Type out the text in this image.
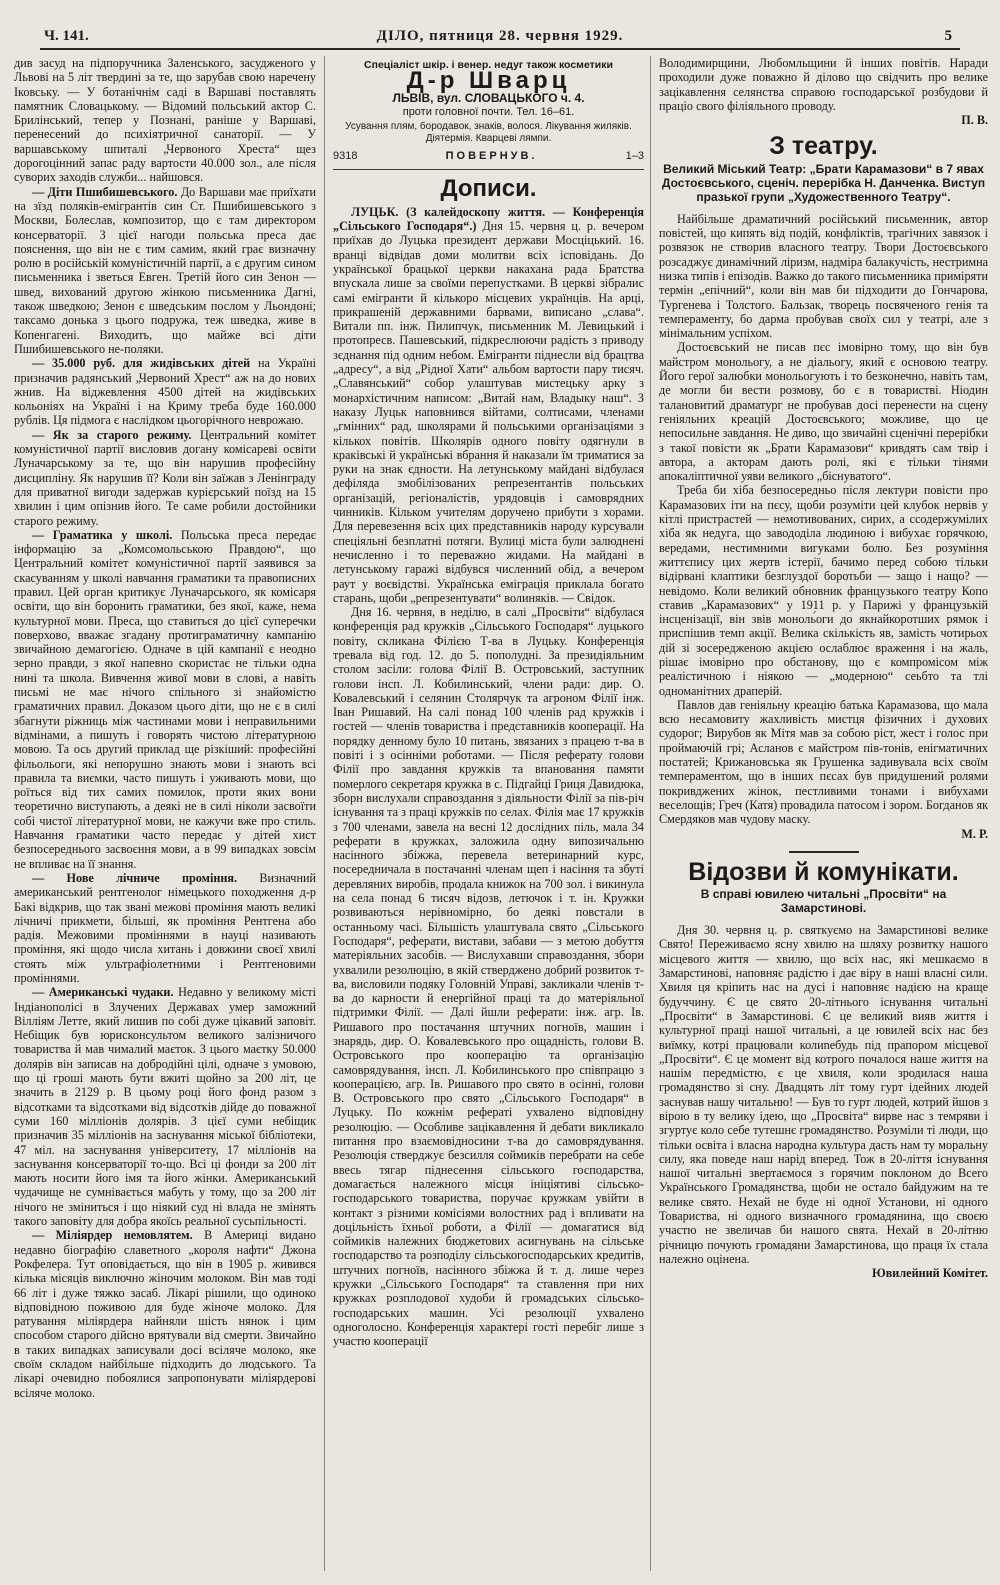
Ч. 141.	ДІЛО, пятниця 28. червня 1929.	5

див засуд на підпоручника Заленського, засудженого у Львові на 5 літ твердині за те, що зарубав свою наречену Іковську. — У ботанічнім саді в Варшаві поставлять памятник Словацькому. — Відомий польський актор С. Брилінський, тепер у Познані, раніше у Варшаві, перенесений до психіятричної санаторії. — У варшавському шпиталі „Червоного Хреста“ щез дорогоцінний запас раду вартости 40.000 зол., але після сувоpих заходів служби... найшовся.

— Діти Пшибишевського. До Варшави має приїхати на зїзд поляків-емігрантів син Ст. Пшибишевського з Москви, Болеслав, композитор, що є там директором консерваторії. З цієї нагоди польська преса дає пояснення, що він не є тим самим, який грає визначну ролю в російській комуністичній партії, а є другим сином письменника і зветься Евген. Третій його син Зенон — швед, вихований другою жінкою письменника Дагні, також шведкою; Зенон є шведським послом у Льондоні; таксамо донька з цього подружа, теж шведка, живе в Копенгагені. Виходить, що майже всі діти Пшибишевського не-поляки.

— 35.000 руб. для жидівських дітей на Україні призначив радянський „Червоний Хрест“ аж на до нових жнив. На віджевлення 4500 дітей на жидівських кольоніях на Україні і на Криму треба буде 160.000 рублів. Ця підмога є наслідком цьогорічного неврожаю.

— Як за старого режиму. Центральний комітет комуністичної партії висловив догану комісареві освіти Луначарському за те, що він нарушив професійну дисципліну. Як нарушив її? Коли він заїжав з Ленінграду для приватної вигоди задержав курієрський поїзд на 15 хвилин і цим опізнив його. Те саме робили достойники старого режиму.

— Граматика у школі. Польська преса передає інформацію за „Комсомольською Правдою“, що Центральний комітет комуністичної партії заявився за скасуванням у школі навчання граматики та правописних правил. Цей орган критикує Луначарського, як комісаря освіти, що він боронить граматики, без якої, каже, нема культурної мови. Преса, що ставиться до цієї суперечки поверхово, вважає згадану протиграматичну кампанію звичайною демагогією. Одначе в цій кампанії є неодно зерно правди, з якої напевно скористає не тільки одна нині та школа. Вивчення живої мови в слові, а навіть письмі не має нічого спільного зі знайомістю граматичних правил. Доказом цього діти, що не є в силі збагнути ріжниць між частинами мови і неправильними відмінами, а пишуть і говорять чистою літературною мовою. Та ось другий приклад ще різкіший: професійні фільольоги, які непорушно знають мови і знають всі правила та виємки, часто пишуть і уживають мови, що роїться від тих самих помилок, проти яких вони теоретично виступають, а деякі не в силі ніколи засвоїти собі чистої літературної мови, не кажучи вже про стиль. Навчання граматики часто передає у дітей хист безпосереднього засвоєння мови, а в 99 випадках зовсім не впливає на її знання.

— Нове лічниче проміння. Визначний американський рентгенолог німецького походження д-р Бакі відкрив, що так звані межові проміння мають великі лічничі прикмети, більші, як проміння Рентгена або радія. Межовими проміннями в науці називають проміння, які щодо числа хитань і довжини своєї хвилі стоять між ультрафіолетними і Рентгеновими проміннями.

— Американські чудаки. Недавно у великому місті Індіанополісі в Злучених Державах умер заможний Вілліям Летте, який лишив по собі дуже цікавий заповіт. Небіщик був юрисконсультом великого залізничого товариства й мав чималий маєток. З цього маєтку 50.000 долярів він записав на добродійні цілі, одначе з умовою, що ці гроші мають бути вжиті щойно за 200 літ, це значить в 2129 р. В цьому році його фонд разом з відсотками та відсотками від відсотків дійде до поважної суми 160 мілліонів долярів. З цієї суми небіщик призначив 35 мілліонів на заснування міської бібліотеки, 47 міл. на заснування університету, 17 мілліонів на заснування консерваторії то-що. Всі ці фонди за 200 літ мають носити його імя та його жінки. Американський чудачище не сумнівається мабуть у тому, що за 200 літ нічого не зміниться і що ніякий суд ні влада не змінять такого заповіту для добра якоїсь реальної сусьпільності.

— Міліярдер немовлятем. В Америці видано недавно біографію славетного „короля нафти“ Джона Рокфелера. Тут оповідається, що він в 1905 р. живився кілька місяців виключно жіночим молоком. Він мав тоді 66 літ і дуже тяжко засаб. Лікарі рішили, що одиноко відповідною поживою для буде жіноче молоко. Для ратування міліярдера найняли шість нянок і цим способом старого дійсно врятували від смерти. Звичайно в таких випадках записували досі всіляче молоко, яке своїм складом найбільше підходить до людського. Та лікарі очевидно побоялися запропонувати міліярдерові всіляче молоко.

Спеціаліст шкір. і венер. недуг також косметики
Д-р Шварц
ЛЬВІВ, вул. СЛОВАЦЬКОГО ч. 4.
проти головної почти. Тел. 16–61.
Усування плям, бородавок, знаків, волося. Лікування жиляків. Діятермія. Кварцеві лямпи.
9318	ПОВЕРНУВ.	1–3
Дописи.

ЛУЦЬК. (З калейдоскопу життя. — Конференція „Сільського Господаря“.) Дня 15. червня ц. р. вечером приїхав до Луцька президент держави Мосціцький. 16. вранці відвідав доми молитви всіх ісповідань. До української брацької церкви накахана рада Братства впускала лише за своїми перепустками. В церкві зібралис самі емігранти й кількоро місцевих українців. На арці, прикрашеній державними барвами, виписано „слава“. Витали пп. інж. Пилипчук, письменник М. Левицький і протопресв. Пашевський, підкреслюючи радість з приводу зєднання під одним небом. Емігранти піднесли від брацтва „адресу“, а від „Рідної Хати“ альбом вартости пару тисяч. „Славянський“ собор улаштував мистецьку арку з монархістичним написом: „Витай нам, Владыку наш“. З наказу Луцьк наповнився війтами, солтисами, членами „гмінних“ рад, школярами й польськими організаціями з кількох повітів. Школярів одного повіту одягнули в краківські й українські вбрання й наказали їм триматися за руки на знак єдности. На летунському майдані відбулася дефіляда змобілізованих репрезентантів польських організацій, регіоналістів, урядовців і самоврядних чинників. Кільком учителям доручено прибути з хорами. Для перевезення всіх цих представників народу курсували спеціяльні безплатні потяги. Вулиці міста були залюднені нечисленно і то переважно жидами. На майдані в летунському гаражі відбувся численний обід, а вечером раут у воєвідстві. Українська еміграція приклала богато старань, щоби „репрезентувати“ волиняків. — Свідок.

Дня 16. червня, в неділю, в салі „Просвіти“ відбулася конференція рад кружків „Сільського Господаря“ луцького повіту, скликана Філією Т-ва в Луцьку. Конференція тревала від год. 12. до 5. пополудні. За президіяльним столом засіли: голова Філії В. Островський, заступник голови інсп. Л. Кобилинський, члени ради: дир. О. Ковалевський і селянин Столярчук та агроном Філії інж. Іван Ришавий. На салі понад 100 членів рад кружків і гостей — членів товариства і представників кооперації. На порядку денному було 10 питань, звязаних з працею т-ва в повіті і з осінніми роботами. — Після реферату голови Філії про завдання кружків та впановання памяти померлого секретаря кружка в с. Підгайці Гриця Давидюка, зборн вислухали справоздання з діяльности Філії за пів-річ існування та з праці кружків по селах. Філія має 17 кружків з 700 членами, завела на весні 12 дослідних піль, мала 34 реферати в кружках, заложила одну випозичальню насінного збіжжа, перевела ветеринарний курс, посередничала в постачанні членам щеп і насіння та збуті деревляних виробів, продала книжок на 700 зол. і викинула на села понад 6 тисяч відозв, летючок і т. ін. Кружки розвиваються нерівномірно, бо деякі повстали в останньому часі. Більшість улаштувала свято „Сільського Господаря“, реферати, вистави, забави — з метою добуття матеріяльних засобів. — Вислухавши справоздання, збори ухвалили резолюцію, в якій стверджено добрий розвиток т-ва, висловили подяку Головній Управі, закликали членів т-ва до карности й енергійної праці та до матеріяльної підтримки Філії. — Далі йшли реферати: інж. агр. Ів. Ришавого про постачання штучних погноїв, машин і знарядь, дир. О. Ковалевського про ощадність, голови В. Островського про кооперацію та організацію самоврядування, інсп. Л. Кобилинського про співпрацю з кооперацією, агр. Ів. Ришавого про свято в осінні, голови В. Островського про свято „Сільського Господаря“ в Луцьку. По кожнім рефераті ухвалено відповідну резолюцію. — Особливе зацікавлення й дебати викликало питання про взаємовідносини т-ва до самоврядування. Резолюція стверджує безсилля соймиків перебрати на себе ввесь тягар піднесення сільського господарства, домагається належного місця ініціятиві сільсько-господарського товариства, поручає кружкам увійти в контакт з різними комісіями волостних рад і впливати на доцільність їхньої роботи, а Філії — домагатися від соймиків належних бюджетових асигнувань на сільське господарство та розподілу сільськогосподарських кредитів, штучних погноїв, насінного збіжжа й т. д. лише через кружки „Сільського Господаря“ та ставлення при них кружках розплодової худоби й громадських сільсько-господарських машин. Усі резолюції ухвалено одноголосно. Конференція характері гості перебіг лише з участю кооперації

Володимирщини, Любомльщини й інших повітів. Наради проходили дуже поважно й ділово що свідчить про велике зацікавлення селянства справою господарської розбудови й праціо свого філіяльного проводу.

П. В.

З театру.
Великий Міський Театр: „Брати Карамазови“ в 7 явах Достоєвського, сценіч. перерібка Н. Данченка. Виступ празької групи „Художественного Театру“.

Найбільше драматичний російський письменник, автор повістей, що кипять від подій, конфліктів, трагічних завязок і розвязок не створив власного театру. Твори Достоєвського розсаджує динамічний ліризм, надміра балакучість, нестримна низка типів і епізодів. Важко до такого письменника приміряти термін „епічний“, коли він мав би підходити до Гончарова, Тургенева і Толстого. Бальзак, творець посвяченого генія та темпераменту, бо дарма пробував своїх сил у театрі, але з мінімальним успіхом.

Достоєвський не писав пєс імовірно тому, що він був майстром монольогу, а не діальогу, який є основою театру. Його герої залюбки монольогують і то безконечно, навіть там, де могли би вести розмову, бо є в товаристві. Ніодин талановитий драматург не пробував досі перенести на сцену геніяльних креацій Достоєвського; можливе, що це непосильне завдання. Не диво, що звичайні сценічні перерібки з такої повісти як „Брати Карамазови“ кривдять сам твір і автора, а акторам дають ролі, які є тільки тінями апокаліптичної уяви великого „біснуватого“.

Треба би хіба безпосередньо після лектури повісти про Карамазових іти на пєсу, щоби розуміти цей клубок нервів у кітлі пристрастей — немотивованих, сирих, а ссодержумілих хіба як недуга, що завододіла людиною і вибухає горячкою, вередами, нестимними вигуками болю. Без розуміння життєпису цих жертв істерії, бачимо перед собою тільки відірвані клаптики безглуздої боротьби — защо і нащо? — невідомо. Коли великий обновник французького театру Копо ставив „Карамазових“ у 1911 р. у Парижі у французькій інсценізації, він звів моноль́оги до якнайкоротших рямок і приспішив темп акції. Велика скількість яв, замість чотирьох дій зі зосередженою акцією ослаблює враження і на жаль, рішає імовірно про обстанову, що є компромісом між реалістичною і ніякою — „модерною“ сеьбто та тлі одноманітних драперій.

Павлов дав геніяльну креацію батька Карамазова, що мала всю несамовиту жахливість мистця фізичних і духових судорог; Вирубов як Мітя мав за собою ріст, жест і голос при проймаючій грі; Асланов є майстром пів-тонів, енігматичних постатей; Крижановська як Грушенка задивувала всіх своїм темпераментом, що в інших пєсах був придушений ролями покривджених жінок, пестливими тонами і вибухами веселощів; Греч (Катя) провадила патосом і зором. Богданов як Смердяков мав чудову маску.

М. Р.

Відозви й комунікати.
В справі ювилею читальні „Просвіти“ на Замарстинові.

Дня 30. червня ц. р. святкуємо на Замарстинові велике Свято! Переживаємо ясну хвилю на шляху розвитку нашого місцевого життя — хвилю, що всіх нас, які мешкаємо в Замарстинові, наповняє радістю і дає віру в наші власні сили. Хвиля ця кріпить нас на дусі і наповняє надією на краще будуччину. Є це свято 20-літнього існування читальні „Просвіти“ в Замарстинові. Є це великий вияв життя і культурної праці нашої читальні, а це ювилей всіх нас без виїмку, котрі працювали колиnебудь під прапором місцевої „Просвіти“. Є це момент від котрого почалося наше життя на нашім передмістю, є це хвиля, коли зродилася наша громадянство зі сну. Двадцять літ тому гурт ідейних людей заснував нашу читальню! — Був то гурт людей, котрий йшов з вірою в ту велику ідею, що „Просвіта“ вирве нас з темряви і згуртує коло себе тутешнє громадянство. Розуміли ті люди, що тільки освіта і власна народна культура дасть нам ту моральну силу, яка поведе наш нарід вперед. Тож в 20-ліття існування нашої читальні звертаємося з горячим поклоном до Всего Українського Громадянства, щоби не остало байдужим на те велике свято. Нехай не буде ні одної Установи, ні одного Товариства, ні одного визначного громадянина, що своєю участю не звеличав би нашого свята. Нехай в 20-літню річницю почують громадяни Замарстинова, що праця їх стала належно оцінена.

Ювилейний Комітет.
